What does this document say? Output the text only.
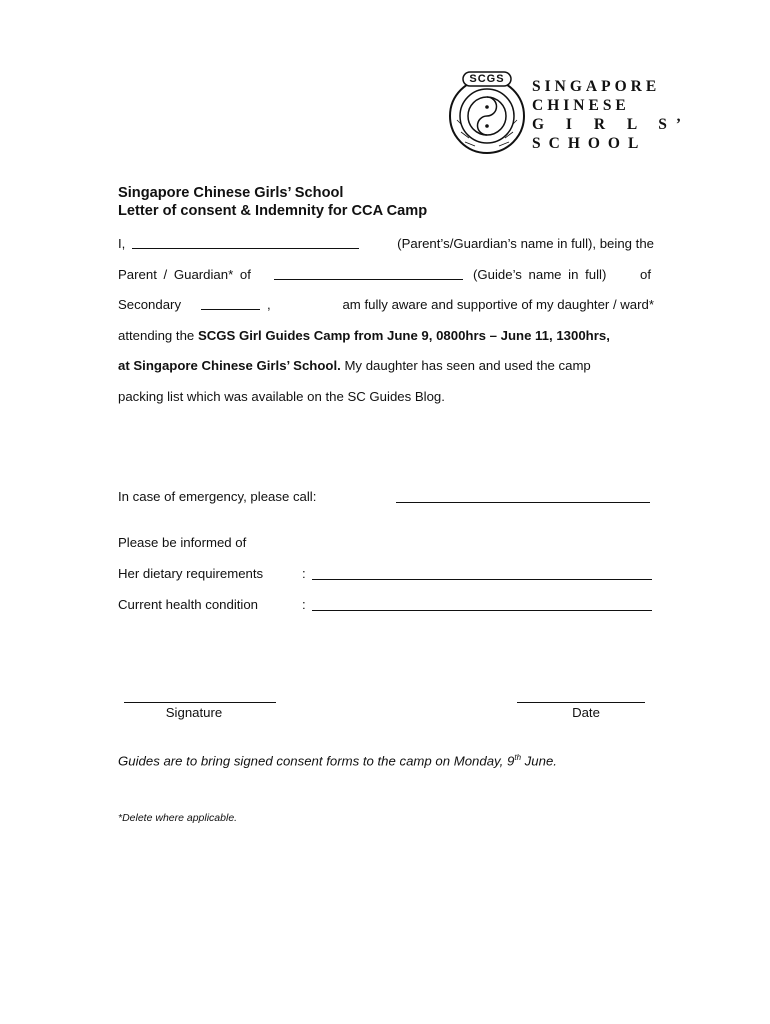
SCGS	SINGAPORE
CHINESE
G I R L S’
SCHOOL
Singapore Chinese Girls’ School
Letter of consent & Indemnity for CCA Camp
I,	(Parent’s/Guardian’s name in full), being the
Parent / Guardian* of	(Guide’s name in full)	of
Secondary	,	am fully aware and supportive of my daughter / ward*
attending the SCGS Girl Guides Camp from June 9, 0800hrs – June 11, 1300hrs,
at Singapore Chinese Girls’ School. My daughter has seen and used the camp
packing list which was available on the SC Guides Blog.
In case of emergency, please call:
Please be informed of
Her dietary requirements	:
Current health condition	:
Signature	Date
Guides are to bring signed consent forms to the camp on Monday, 9th June.
*Delete where applicable.
